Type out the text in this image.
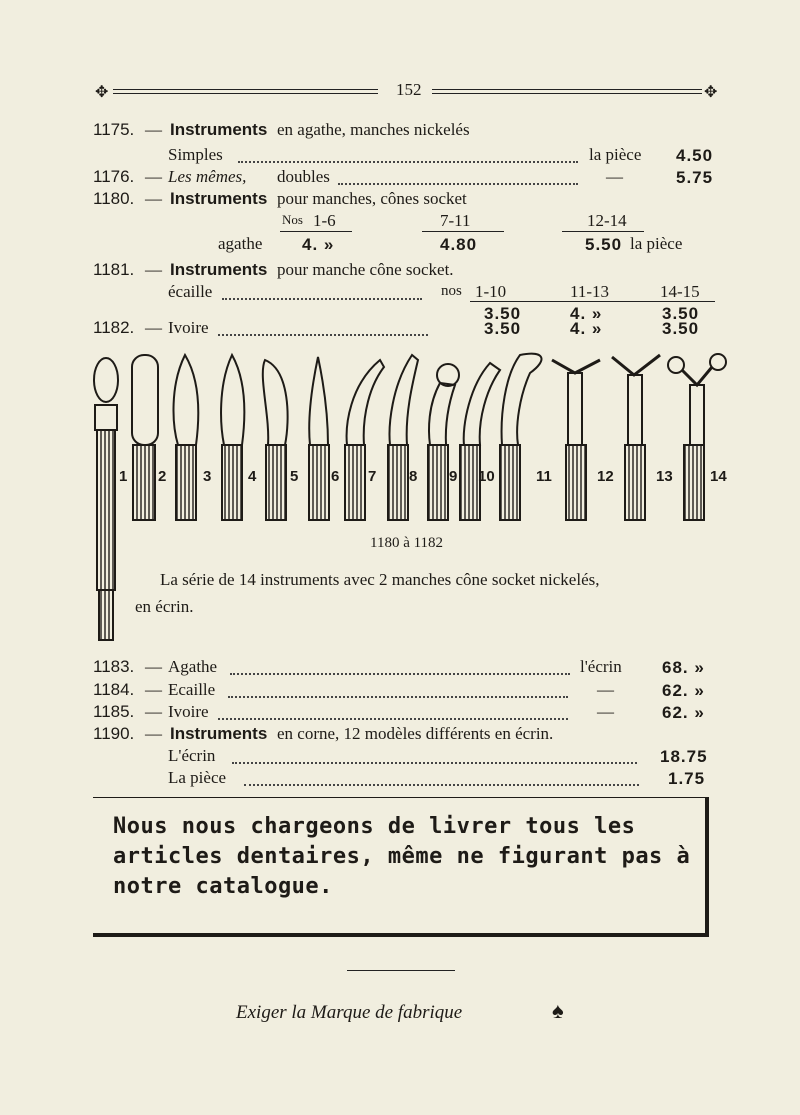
✥	152	✥
1175. — Instruments en agathe, manches nickelés
Simples	la pièce 4.50
1176. — Les mêmes, doubles	—	5.75
1180. — Instruments pour manches, cônes socket
Nos 1-6	7-11	12-14
agathe 4. »	4.80	5.50 la pièce
1181. — Instruments pour manche cône socket.
écaille	nos 1-10	11-13	14-15
3.50	4. »	3.50
1182. — Ivoire	3.50	4. »	3.50
1 2 3 4 5 6 7 8 9 10	11	12	13 14
1180 à 1182
La série de 14 instruments avec 2 manches cône socket nickelés,
en écrin.
1183. — Agathe	l'écrin 68. »
1184. — Ecaille	—	62. »
1185. — Ivoire	—	62. »
1190. — Instruments en corne, 12 modèles différents en écrin.
L'écrin	18.75
La pièce	1.75
Nous nous chargeons de livrer tous les articles dentaires, même ne figurant pas à notre catalogue.
Exiger la Marque de fabrique	♠
